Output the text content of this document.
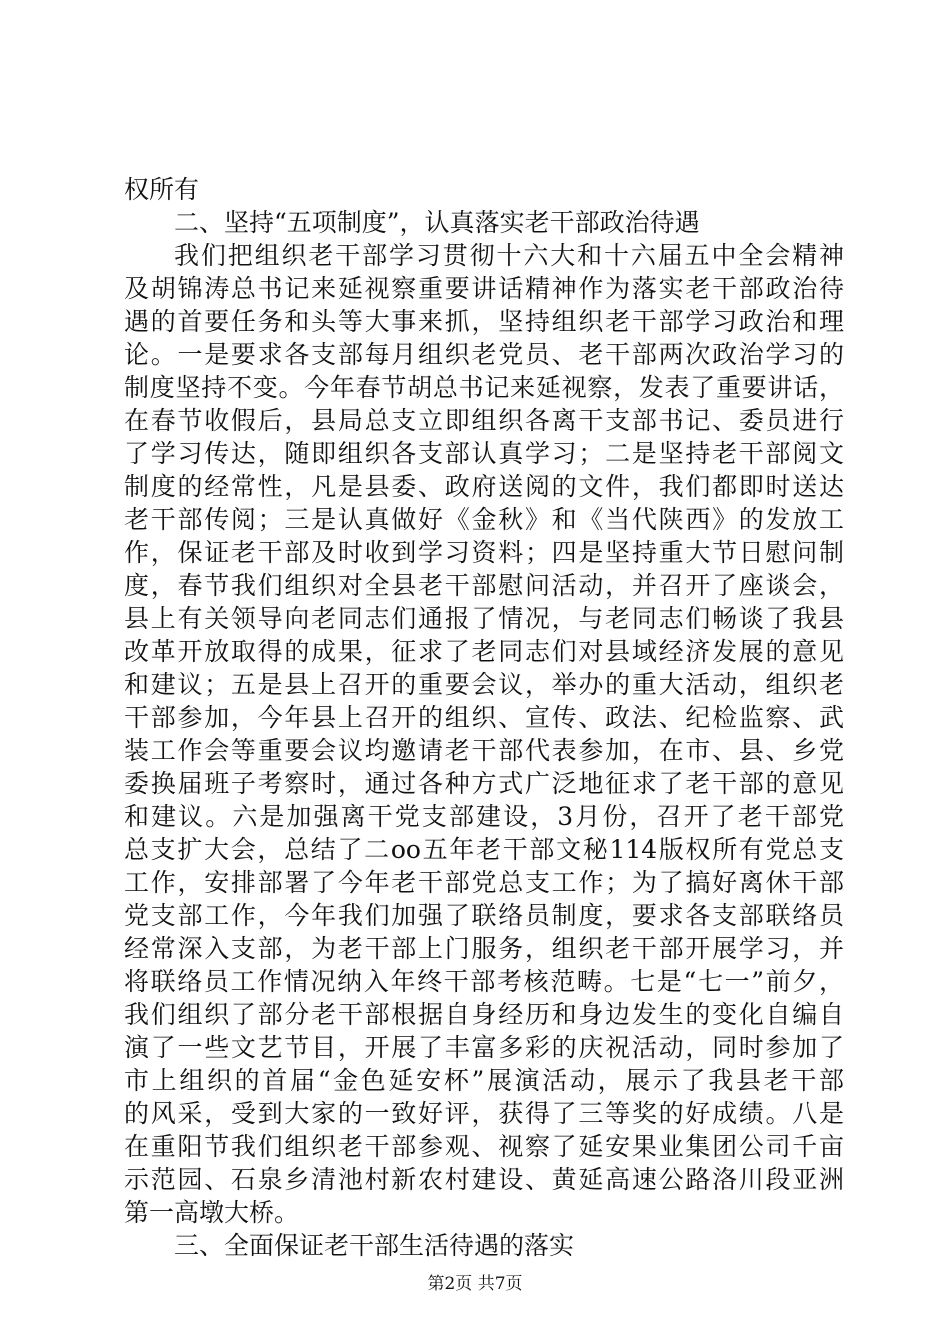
权所有
二、坚持“五项制度”，认真落实老干部政治待遇
我们把组织老干部学习贯彻十六大和十六届五中全会精神
及胡锦涛总书记来延视察重要讲话精神作为落实老干部政治待
遇的首要任务和头等大事来抓，坚持组织老干部学习政治和理
论。一是要求各支部每月组织老党员、老干部两次政治学习的
制度坚持不变。今年春节胡总书记来延视察，发表了重要讲话，
在春节收假后，县局总支立即组织各离干支部书记、委员进行
了学习传达，随即组织各支部认真学习；二是坚持老干部阅文
制度的经常性，凡是县委、政府送阅的文件，我们都即时送达
老干部传阅；三是认真做好《金秋》和《当代陕西》的发放工
作，保证老干部及时收到学习资料；四是坚持重大节日慰问制
度，春节我们组织对全县老干部慰问活动，并召开了座谈会，
县上有关领导向老同志们通报了情况，与老同志们畅谈了我县
改革开放取得的成果，征求了老同志们对县域经济发展的意见
和建议；五是县上召开的重要会议，举办的重大活动，组织老
干部参加，今年县上召开的组织、宣传、政法、纪检监察、武
装工作会等重要会议均邀请老干部代表参加，在市、县、乡党
委换届班子考察时，通过各种方式广泛地征求了老干部的意见
和建议。六是加强离干党支部建设，3月份，召开了老干部党
总支扩大会，总结了二oo五年老干部文秘114版权所有党总支
工作，安排部署了今年老干部党总支工作；为了搞好离休干部
党支部工作，今年我们加强了联络员制度，要求各支部联络员
经常深入支部，为老干部上门服务，组织老干部开展学习，并
将联络员工作情况纳入年终干部考核范畴。七是“七一”前夕，
我们组织了部分老干部根据自身经历和身边发生的变化自编自
演了一些文艺节目，开展了丰富多彩的庆祝活动，同时参加了
市上组织的首届“金色延安杯”展演活动，展示了我县老干部
的风采，受到大家的一致好评，获得了三等奖的好成绩。八是
在重阳节我们组织老干部参观、视察了延安果业集团公司千亩
示范园、石泉乡清池村新农村建设、黄延高速公路洛川段亚洲
第一高墩大桥。
三、全面保证老干部生活待遇的落实
第2页 共7页
